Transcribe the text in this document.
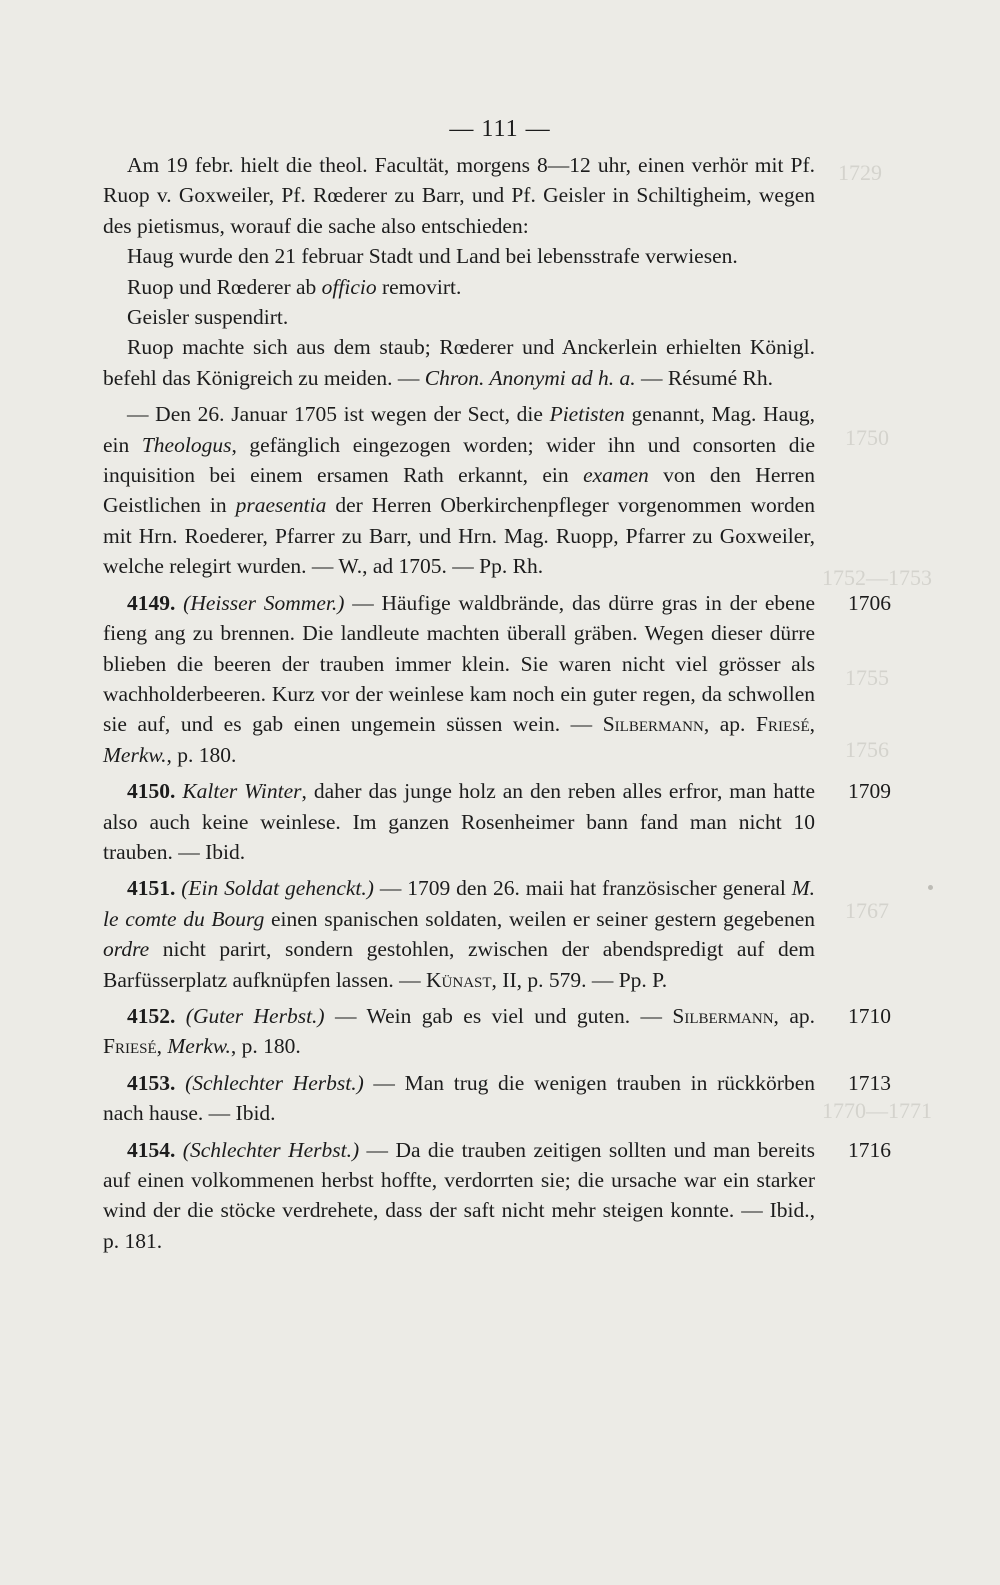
1729
1750
1752—1753
1755
1756
1767
1770—1771
— 111 —
Am 19 febr. hielt die theol. Facultät, morgens 8—12 uhr, einen verhör mit Pf. Ruop v. Goxweiler, Pf. Rœderer zu Barr, und Pf. Geisler in Schiltigheim, wegen des pietismus, worauf die sache also entschieden:
Haug wurde den 21 februar Stadt und Land bei lebensstrafe verwiesen.
Ruop und Rœderer ab officio removirt.
Geisler suspendirt.
Ruop machte sich aus dem staub; Rœderer und Anckerlein erhielten Königl. befehl das Königreich zu meiden. — Chron. Anonymi ad h. a. — Résumé Rh.
— Den 26. Januar 1705 ist wegen der Sect, die Pietisten genannt, Mag. Haug, ein Theologus, gefänglich eingezogen worden; wider ihn und consorten die inquisition bei einem ersamen Rath erkannt, ein examen von den Herren Geistlichen in praesentia der Herren Oberkirchenpfleger vorgenommen worden mit Hrn. Roederer, Pfarrer zu Barr, und Hrn. Mag. Ruopp, Pfarrer zu Goxweiler, welche relegirt wurden. — W., ad 1705. — Pp. Rh.
1706
4149. (Heisser Sommer.) — Häufige waldbrände, das dürre gras in der ebene fieng ang zu brennen. Die landleute machten überall gräben. Wegen dieser dürre blieben die beeren der trauben immer klein. Sie waren nicht viel grösser als wachholderbeeren. Kurz vor der weinlese kam noch ein guter regen, da schwollen sie auf, und es gab einen ungemein süssen wein. — Silbermann, ap. Friesé, Merkw., p. 180.
1709
4150. Kalter Winter, daher das junge holz an den reben alles erfror, man hatte also auch keine weinlese. Im ganzen Rosenheimer bann fand man nicht 10 trauben. — Ibid.
4151. (Ein Soldat gehenckt.) — 1709 den 26. maii hat französischer general M. le comte du Bourg einen spanischen soldaten, weilen er seiner gestern gegebenen ordre nicht parirt, sondern gestohlen, zwischen der abendspredigt auf dem Barfüsserplatz aufknüpfen lassen. — Künast, II, p. 579. — Pp. P.
1710
4152. (Guter Herbst.) — Wein gab es viel und guten. — Silbermann, ap. Friesé, Merkw., p. 180.
1713
4153. (Schlechter Herbst.) — Man trug die wenigen trauben in rückkörben nach hause. — Ibid.
1716
4154. (Schlechter Herbst.) — Da die trauben zeitigen sollten und man bereits auf einen volkommenen herbst hoffte, verdorrten sie; die ursache war ein starker wind der die stöcke verdrehete, dass der saft nicht mehr steigen konnte. — Ibid., p. 181.
